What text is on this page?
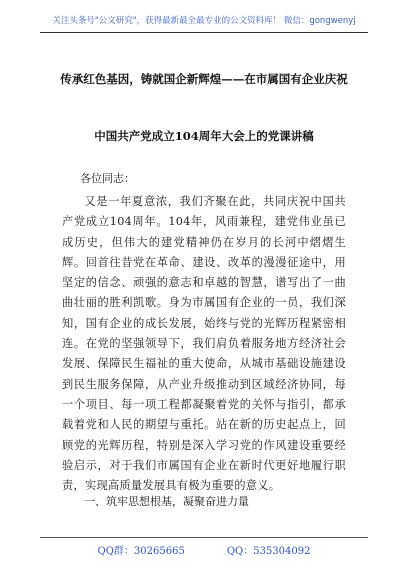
关注头条号"公文研究"，获得最新最全最专业的公文资料库！ 微信：gongwenyj
传承红色基因，铸就国企新辉煌——在市属国有企业庆祝
中国共产党成立104周年大会上的党课讲稿
各位同志：

又是一年夏意浓，我们齐聚在此，共同庆祝中国共产党成立104周年。104年，风雨兼程，建党伟业虽已成历史，但伟大的建党精神仍在岁月的长河中熠熠生辉。回首往昔党在革命、建设、改革的漫漫征途中，用坚定的信念、顽强的意志和卓越的智慧，谱写出了一曲曲壮丽的胜利凯歌。身为市属国有企业的一员，我们深知，国有企业的成长发展，始终与党的光辉历程紧密相连。在党的坚强领导下，我们肩负着服务地方经济社会发展、保障民生福祉的重大使命，从城市基础设施建设到民生服务保障，从产业升级推动到区域经济协同，每一个项目、每一项工程都凝聚着党的关怀与指引，都承载着党和人民的期望与重托。站在新的历史起点上，回顾党的光辉历程，特别是深入学习党的作风建设重要经验启示，对于我们市属国有企业在新时代更好地履行职责，实现高质量发展具有极为重要的意义。

一、筑牢思想根基，凝聚奋进力量
QQ群：30265665	QQ：535304092
